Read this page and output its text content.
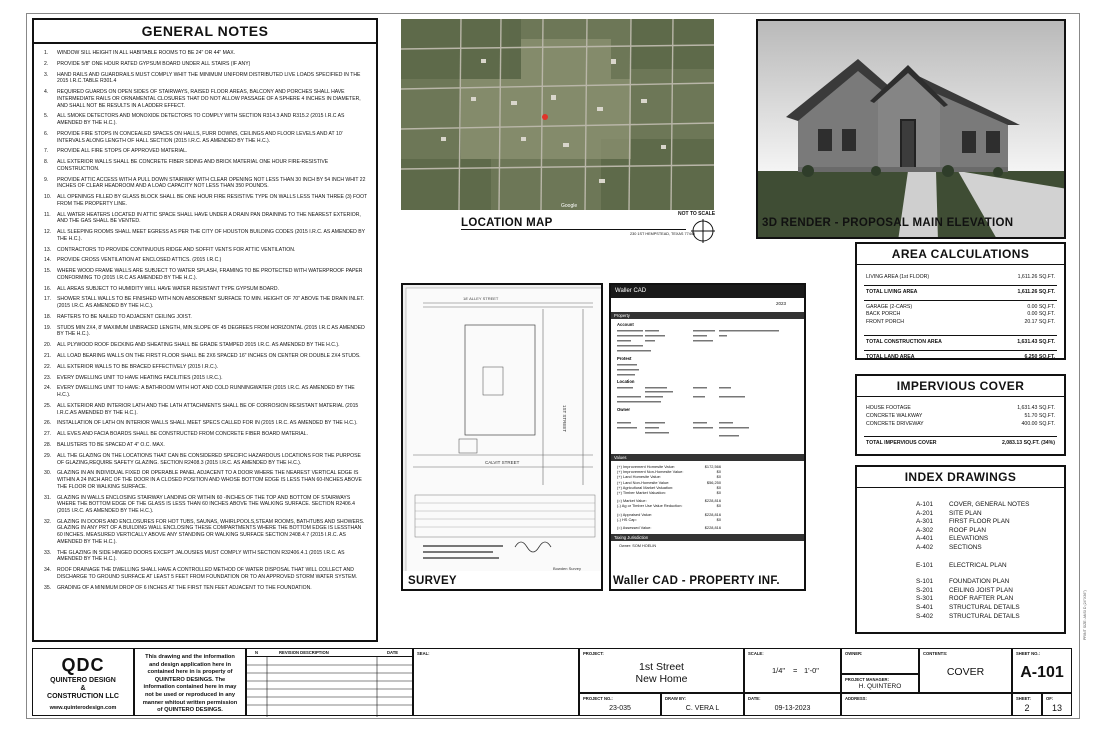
GENERAL NOTES
1.	WINDOW SILL HEIGHT IN ALL HABITABLE ROOMS TO BE 24" OR 44" MAX.
2.	PROVIDE 5/8" ONE HOUR RATED GYPSUM BOARD UNDER ALL STAIRS (IF ANY)
3.	HAND RAILS AND GUARDRAILS MUST COMPLY WHIT THE MINIMUM UNIFORM DISTRIBUTED LIVE LOADS SPECIFIED IN THE 2015 I.R.C.TABLE R301.4
4.	REQUIRED GUARDS ON OPEN SIDES OF STAIRWAYS, RAISED FLOOR AREAS, BALCONY AND PORCHES SHALL HAVE INTERMEDIATE RAILS OR ORNAMENTAL CLOSURES THAT DO NOT ALLOW PASSAGE OF A SPHERE 4 INCHES IN DIAMETER, AND SHALL NOT BE RESULTS IN A LADDER EFFECT.
5.	ALL SMOKE DETECTORS AND MONOXIDE DETECTORS TO COMPLY WITH SECTION R314.3 AND R315.2 (2015 I.R.C AS AMENDED BY THE H.C.).
6.	PROVIDE FIRE STOPS IN CONCEALED SPACES ON HALLS, FURR DOWNS, CEILINGS AND FLOOR LEVELS AND AT 10' INTERVALS ALONG LENGTH OF HALL SECTION (2015 I.R.C. AS AMENDED BY THE H.C.).
7.	PROVIDE ALL FIRE STOPS OF APPROVED MATERIAL.
8.	ALL EXTERIOR WALLS SHALL BE CONCRETE FIBER SIDING AND BRICK MATERIAL ONE HOUR FIRE-RESISTIVE CONSTRUCTION.
9.	PROVIDE ATTIC ACCESS WITH A PULL DOWN STAIRWAY WITH CLEAR OPENING NOT LESS THAN 30 INCH BY 54 INCH WHIT 22 INCHES OF CLEAR HEADROOM AND A LOAD CAPACITY NOT LESS THAN 350 POUNDS.
10.	ALL OPENINGS FILLED BY GLASS BLOCK SHALL BE ONE HOUR FIRE RESISTIVE TYPE ON WALLS LESS THAN THREE (3) FOOT FROM THE PROPERTY LINE.
11.	ALL WATER HEATERS LOCATED IN ATTIC SPACE SHALL HAVE UNDER A DRAIN PAN DRAINING TO THE NEAREST EXTERIOR, AND THE GAS SHALL BE VENTED.
12.	ALL SLEEPING ROOMS SHALL MEET EGRESS AS PER THE CITY OF HOUSTON BUILDING CODES (2015 I.R.C. AS AMENDED BY THE H.C.).
13.	CONTRACTORS TO PROVIDE CONTINUOUS RIDGE AND SOFFIT VENTS FOR ATTIC VENTILATION.
14.	PROVIDE CROSS VENTILATION AT ENCLOSED ATTICS. (2015 I.R.C.)
15.	WHERE WOOD FRAME WALLS ARE SUBJECT TO WATER SPLASH, FRAMING TO BE PROTECTED WITH WATERPROOF PAPER CONFORMING TO (2015 I.R.C AS AMENDED BY THE H.C.).
16.	ALL AREAS SUBJECT TO HUMIDITY WILL HAVE WATER RESISTANT TYPE GYPSUM BOARD.
17.	SHOWER STALL WALLS TO BE FINISHED WITH NON ABSORBENT SURFACE TO MIN. HEIGHT OF 70" ABOVE THE DRAIN INLET. (2015 I.R.C. AS AMENDED BY THE H.C.).
18.	RAFTERS TO BE NAILED TO ADJACENT CEILING JOIST.
19.	STUDS MIN 2X4, 8' MAXIMUM UNBRACED LENGTH, MIN.SLOPE OF 45 DEGREES FROM HORIZONTAL (2015 I.R.C AS AMENDED BY THE H.C.).
20.	ALL PLYWOOD ROOF DECKING AND SHEATING SHALL BE GRADE STAMPED 2015 I.R.C. AS AMENDED BY THE H.C.).
21.	ALL LOAD BEARING WALLS ON THE FIRST FLOOR SHALL BE 2X6 SPACED 16" INCHES ON CENTER OR DOUBLE 2X4 STUDS.
22.	ALL EXTERIOR WALLS TO BE BRACED EFFECTIVELY (2015 I.R.C.).
23.	EVERY DWELLING UNIT TO HAVE HEATING FACILITIES (2015 I.R.C.).
24.	EVERY DWELLING UNIT TO HAVE: A BATHROOM WITH HOT AND COLD RUNNINGWATER (2015 I.R.C. AS AMENDED BY THE H.C.).
25.	ALL EXTERIOR AND INTERIOR LATH AND THE LATH ATTACHMENTS SHALL BE OF CORROSION RESISTANT MATERIAL (2015 I.R.C.AS AMENDED BY THE H.C.).
26.	INSTALLATION OF LATH ON INTERIOR WALLS SHALL MEET SPECS CALLED FOR IN (2015 I.R.C. AS AMENDED BY THE H.C.).
27.	ALL EVES AND FACIA BOARDS SHALL BE CONSTRUCTED FROM CONCRETE FIBER BOARD MATERIAL.
28.	BALUSTERS TO BE SPACED AT 4" O.C. MAX.
29.	ALL THE GLAZING ON THE LOCATIONS THAT CAN BE CONSIDERED SPECIFIC HAZARDOUS LOCATIONS FOR THE PURPOSE OF GLAZING,REQUIRE SAFETY GLAZING. SECTION R2408.3 (2015 I.R.C. AS AMENDED BY THE H.C.).
30.	GLAZING IN AN INDIVIDUAL FIXED OR OPERABLE PANEL ADJACENT TO A DOOR WHERE THE NEAREST VERTICAL EDGE IS WITHIN A 24 INCH ARC OF THE DOOR IN A CLOSED POSITION AND WHOSE BOTTOM EDGE IS LESS THAN 60-INCHES ABOVE THE FLOOR OR WALKING SURFACE.
31.	GLAZING IN WALLS ENCLOSING STAIRWAY LANDING OR WITHIN 60 -INCHES OF THE TOP AND BOTTOM OF STAIRWAYS WHERE THE BOTTOM EDGE OF THE GLASS IS LESS THAN 60 INCHES ABOVE THE WALKING SURFACE. SECTION R2406.4 (2015 I.R.C. AS AMENDED BY THE H.C.).
32.	GLAZING IN DOORS AND ENCLOSURES FOR HOT TUBS, SAUNAS, WHIRLPOOLS,STEAM ROOMS, BATHTUBS AND SHOWERS. GLAZING IN ANY PRT OF A BUILDING WALL ENCLOSING THESE COMPARTMENTS WHERE THE BOTTOM EDGE IS LESSTHAN 60 INCHES. MEASURED VERTICALLY ABOVE ANY STANDING OR WALKING SURFACE SECTION 2408.4.7 (2015 I.R.C. AS AMENDED BY THE H.C.).
33.	THE GLAZING IN SIDE HINGED DOORS EXCEPT JALOUSIES MUST COMPLY WITH SECTION R32406.4.1 (2015 I.R.C. AS AMENDED BY THE H.C.).
34.	ROOF DRAINAGE THE DWELLING SHALL HAVE A CONTROLLED METHOD OF WATER DISPOSAL THAT WILL COLLECT AND DISCHARGE TO GROUND SURFACE AT LEAST 5 FEET FROM FOUNDATION OR TO AN APPROVED STORM WATER SYSTEM.
35.	GRADING OF A MINIMUM DROP OF 6 INCHES AT THE FIRST TEN FEET ADJACENT TO THE FOUNDATION.
Google
LOCATION MAP
230 1ST HEMPSTEAD, TEXAS 77445
NOT TO SCALE
3D RENDER - PROPOSAL MAIN ELEVATION
AREA CALCULATIONS
LIVING AREA (1st FLOOR)	1,611.26 SQ.FT.
TOTAL LIVING AREA	1,611.26 SQ.FT.
GARAGE (2-CARS)	0.00 SQ.FT.
BACK PORCH	0.00 SQ.FT.
FRONT PORCH	20.17 SQ.FT.
TOTAL CONSTRUCTION AREA	1,631.43 SQ.FT.
TOTAL LAND AREA	6,250 SQ.FT.
IMPERVIOUS COVER
HOUSE FOOTAGE	1,631.43 SQ.FT.
CONCRETE WALKWAY	51.70 SQ.FT.
CONCRETE DRIVEWAY	400.00 SQ.FT.
TOTAL IMPERVIOUS COVER	2,083.13 SQ.FT. (34%)
INDEX DRAWINGS
A-101	COVER, GENERAL NOTES
A-201	SITE PLAN
A-301	FIRST FLOOR PLAN
A-302	ROOF PLAN
A-401	ELEVATIONS
A-402	SECTIONS
E-101	ELECTRICAL PLAN
S-101	FOUNDATION PLAN
S-201	CEILING JOIST PLAN
S-301	ROOF RAFTER PLAN
S-401	STRUCTURAL DETAILS
S-402	STRUCTURAL DETAILS
18' ALLEY STREET
1ST STREET
CALVIT STREET
Bowden Survey
SURVEY
Waller CAD
2023
Property
Account
Protest
Location
Owner

Values
(+) Improvement Homesite Value:	$172,566
(+) Improvement Non-Homesite Value:	$0
(+) Land Homesite Value:	$0
(+) Land Non-Homesite Value:	$56,250
(+) Agricultural Market Valuation:	$0
(+) Timber Market Valuation:	$0
(=) Market Value:	$228,816
(-) Ag or Timber Use Value Reduction:	$0
(=) Appraised Value:	$228,816
(-) HS Cap:	$0
(=) Assessed Value:	$228,816
Taxing Jurisdiction
Owner: SOM HOELIN
Waller CAD - PROPERTY INF.
QDC
QUINTERO DESIGN
&
CONSTRUCTION LLC
www.quinterodesign.com
This drawing and the information and design application here in contained here in is property of QUINTERO DESINGS. The information contained here in may not be used or reproduced in any manner whitout written permission of QUINTERO DESINGS.
N	REVISION DESCRIPTION	DATE	SEAL:	PROJECT:
1st Street
New Home
SCALE:
1/4" = 1'-0"
PROJECT NO.:
23-035
DRAW BY:
C. VERA L
DATE:
09-13-2023
OWNER:
PROJECT MANAGER:
H. QUINTERO
ADDRESS:
CONTENTS:
COVER
SHEET NO.:
A-101
SHEET:
2
OF:
13
PRINT SIZE: ANSI D (24"X36")
